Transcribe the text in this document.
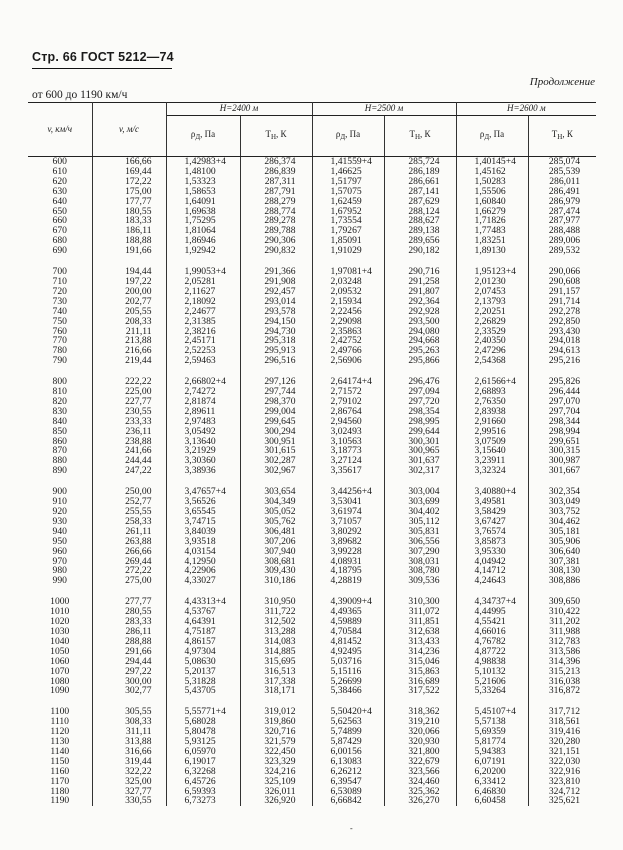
Стр. 66 ГОСТ 5212—74
Продолжение
от 600 до 1190 км/ч
v, км/ч	v, м/с	H=2400 м		H=2500 м		H=2600 м	
		$\rho_Д$, Па	$T_Н$, К	$\rho_Д$, Па	$T_Н$, К	$\rho_Д$, Па	$T_Н$, К
600	166,66	1,42983+4	286,374	1,41559+4	285,724	1,40145+4	285,074
610	169,44	1,48100	286,839	1,46625	286,189	1,45162	285,539
620	172,22	1,53323	287,311	1,51797	286,661	1,50283	286,011
630	175,00	1,58653	287,791	1,57075	287,141	1,55506	286,491
640	177,77	1,64091	288,279	1,62459	287,629	1,60840	286,979
650	180,55	1,69638	288,774	1,67952	288,124	1,66279	287,474
660	183,33	1,75295	289,278	1,73554	288,627	1,71826	287,977
670	186,11	1,81064	289,788	1,79267	289,138	1,77483	288,488
680	188,88	1,86946	290,306	1,85091	289,656	1,83251	289,006
690	191,66	1,92942	290,832	1,91029	290,182	1,89130	289,532

700	194,44	1,99053+4	291,366	1,97081+4	290,716	1,95123+4	290,066
710	197,22	2,05281	291,908	2,03248	291,258	2,01230	290,608
720	200,00	2,11627	292,457	2,09532	291,807	2,07453	291,157
730	202,77	2,18092	293,014	2,15934	292,364	2,13793	291,714
740	205,55	2,24677	293,578	2,22456	292,928	2,20251	292,278
750	208,33	2,31385	294,150	2,29098	293,500	2,26829	292,850
760	211,11	2,38216	294,730	2,35863	294,080	2,33529	293,430
770	213,88	2,45171	295,318	2,42752	294,668	2,40350	294,018
780	216,66	2,52253	295,913	2,49766	295,263	2,47296	294,613
790	219,44	2,59463	296,516	2,56906	295,866	2,54368	295,216

800	222,22	2,66802+4	297,126	2,64174+4	296,476	2,61566+4	295,826
810	225,00	2,74272	297,744	2,71572	297,094	2,68893	296,444
820	227,77	2,81874	298,370	2,79102	297,720	2,76350	297,070
830	230,55	2,89611	299,004	2,86764	298,354	2,83938	297,704
840	233,33	2,97483	299,645	2,94560	298,995	2,91660	298,344
850	236,11	3,05492	300,294	3,02493	299,644	2,99516	298,994
860	238,88	3,13640	300,951	3,10563	300,301	3,07509	299,651
870	241,66	3,21929	301,615	3,18773	300,965	3,15640	300,315
880	244,44	3,30360	302,287	3,27124	301,637	3,23911	300,987
890	247,22	3,38936	302,967	3,35617	302,317	3,32324	301,667

900	250,00	3,47657+4	303,654	3,44256+4	303,004	3,40880+4	302,354
910	252,77	3,56526	304,349	3,53041	303,699	3,49581	303,049
920	255,55	3,65545	305,052	3,61974	304,402	3,58429	303,752
930	258,33	3,74715	305,762	3,71057	305,112	3,67427	304,462
940	261,11	3,84039	306,481	3,80292	305,831	3,76574	305,181
950	263,88	3,93518	307,206	3,89682	306,556	3,85873	305,906
960	266,66	4,03154	307,940	3,99228	307,290	3,95330	306,640
970	269,44	4,12950	308,681	4,08931	308,031	4,04942	307,381
980	272,22	4,22906	309,430	4,18795	308,780	4,14712	308,130
990	275,00	4,33027	310,186	4,28819	309,536	4,24643	308,886

1000	277,77	4,43313+4	310,950	4,39009+4	310,300	4,34737+4	309,650
1010	280,55	4,53767	311,722	4,49365	311,072	4,44995	310,422
1020	283,33	4,64391	312,502	4,59889	311,851	4,55421	311,202
1030	286,11	4,75187	313,288	4,70584	312,638	4,66016	311,988
1040	288,88	4,86157	314,083	4,81452	313,433	4,76782	312,783
1050	291,66	4,97304	314,885	4,92495	314,236	4,87722	313,586
1060	294,44	5,08630	315,695	5,03716	315,046	4,98838	314,396
1070	297,22	5,20137	316,513	5,15116	315,863	5,10132	315,213
1080	300,00	5,31828	317,338	5,26699	316,689	5,21606	316,038
1090	302,77	5,43705	318,171	5,38466	317,522	5,33264	316,872

1100	305,55	5,55771+4	319,012	5,50420+4	318,362	5,45107+4	317,712
1110	308,33	5,68028	319,860	5,62563	319,210	5,57138	318,561
1120	311,11	5,80478	320,716	5,74899	320,066	5,69359	319,416
1130	313,88	5,93125	321,579	5,87429	320,930	5,81774	320,280
1140	316,66	6,05970	322,450	6,00156	321,800	5,94383	321,151
1150	319,44	6,19017	323,329	6,13083	322,679	6,07191	322,030
1160	322,22	6,32268	324,216	6,26212	323,566	6,20200	322,916
1170	325,00	6,45726	325,109	6,39547	324,460	6,33412	323,810
1180	327,77	6,59393	326,011	6,53089	325,362	6,46830	324,712
1190	330,55	6,73273	326,920	6,66842	326,270	6,60458	325,621
-
